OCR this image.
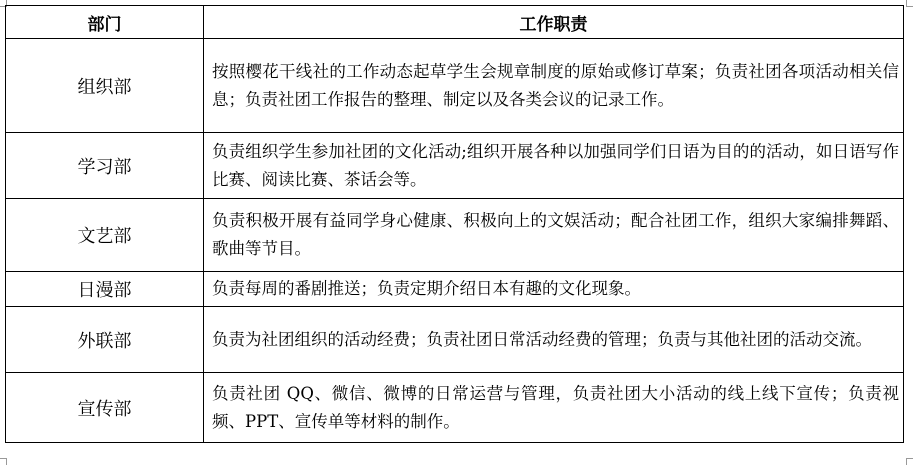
部门	工作职责
组织部	按照樱花干线社的工作动态起草学生会规章制度的原始或修订草案；负责社团各项活动相关信息；负责社团工作报告的整理、制定以及各类会议的记录工作。
学习部	负责组织学生参加社团的文化活动;组织开展各种以加强同学们日语为目的的活动，如日语写作比赛、阅读比赛、茶话会等。
文艺部	负责积极开展有益同学身心健康、积极向上的文娱活动；配合社团工作，组织大家编排舞蹈、歌曲等节目。
日漫部	负责每周的番剧推送；负责定期介绍日本有趣的文化现象。
外联部	负责为社团组织的活动经费；负责社团日常活动经费的管理；负责与其他社团的活动交流。
宣传部	负责社团 QQ、微信、微博的日常运营与管理，负责社团大小活动的线上线下宣传；负责视频、PPT、宣传单等材料的制作。
